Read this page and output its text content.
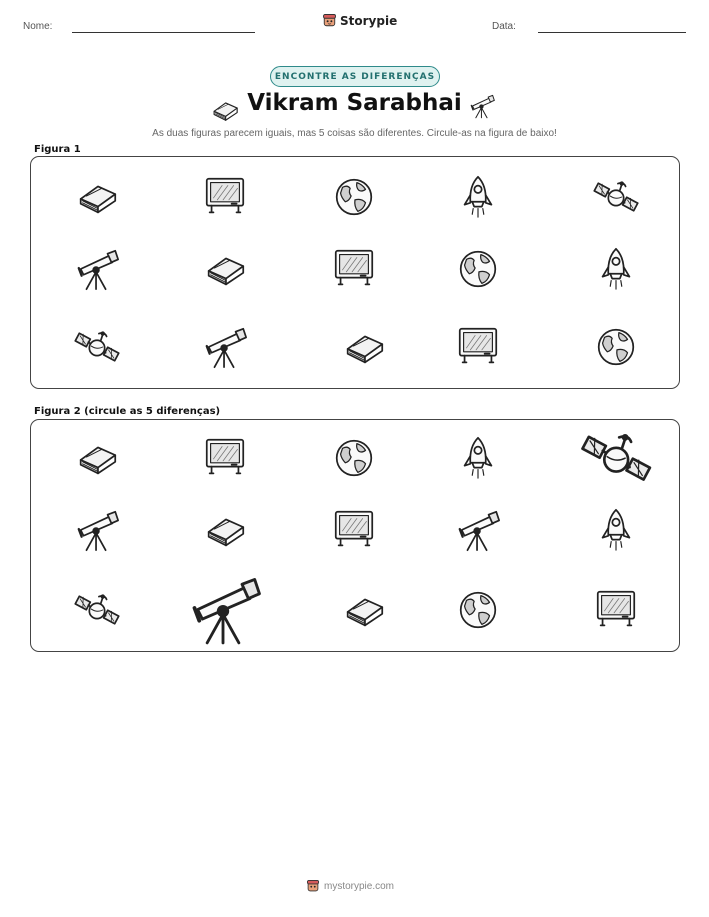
Nome:	Storypie	Data:
ENCONTRE AS DIFERENÇAS
Vikram Sarabhai
As duas figuras parecem iguais, mas 5 coisas são diferentes. Circule-as na figura de baixo!
Figura 1
Figura 2 (circule as 5 diferenças)
mystorypie.com
